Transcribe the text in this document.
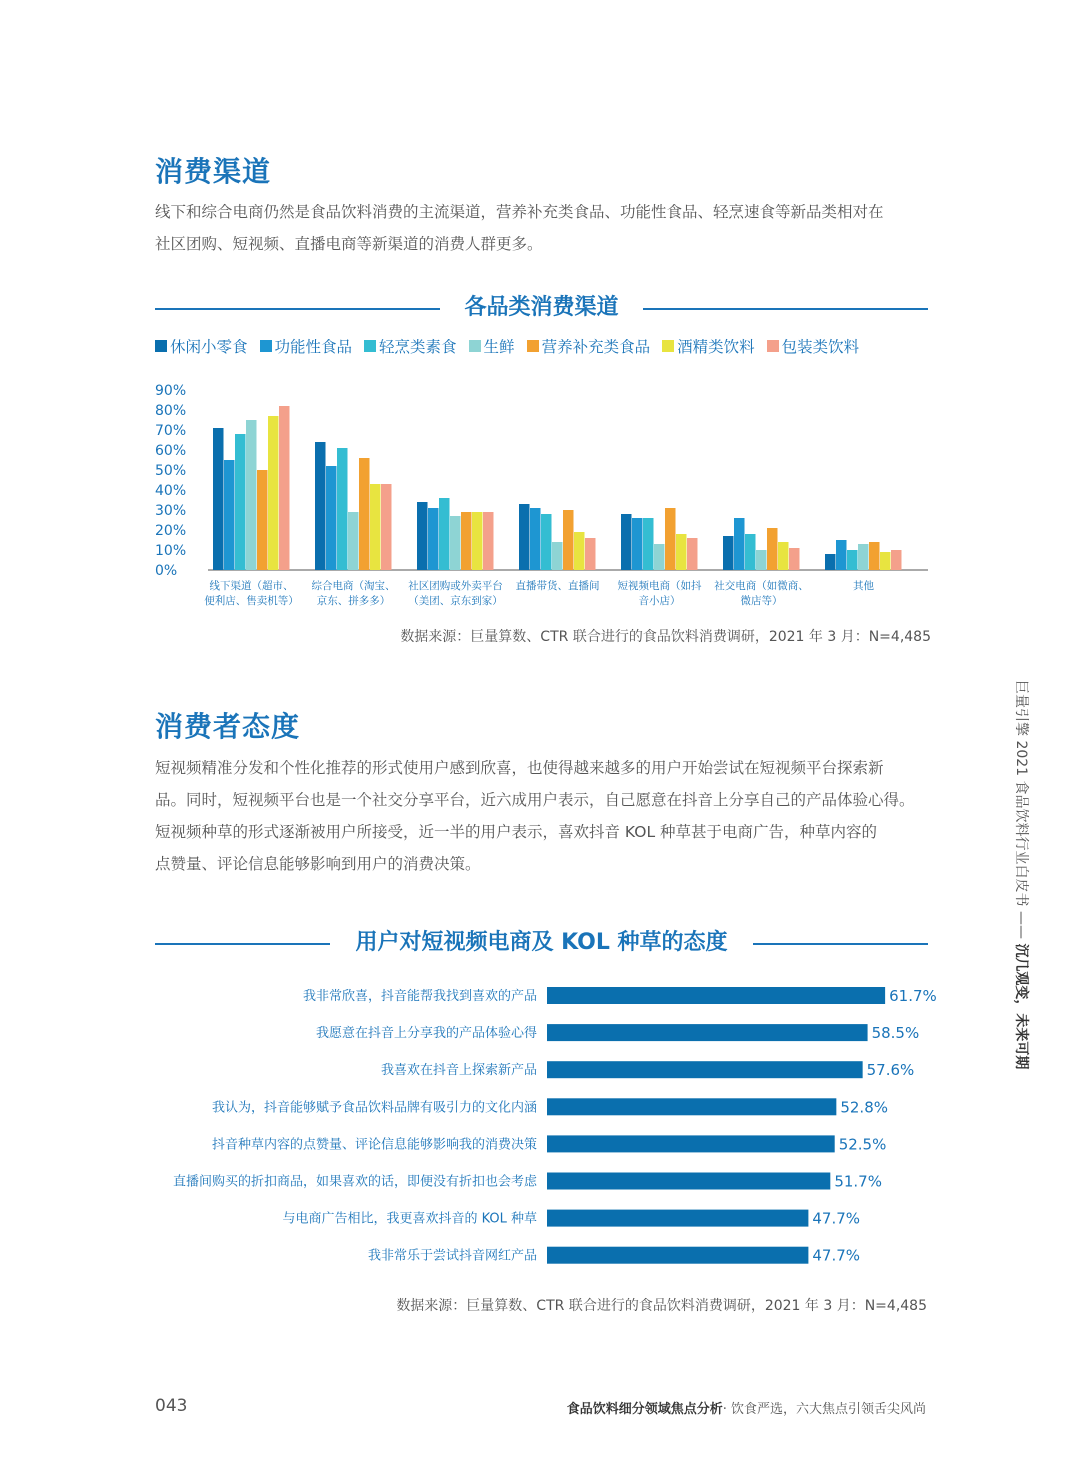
消费渠道
线下和综合电商仍然是食品饮料消费的主流渠道，营养补充类食品、功能性食品、轻烹速食等新品类相对在
社区团购、短视频、直播电商等新渠道的消费人群更多。
各品类消费渠道
休闲小零食 功能性食品 轻烹类素食 生鲜 营养补充类食品 酒精类饮料 包装类饮料
90%
80%
70%
60%
50%
40%
30%
20%
10%
0%
线下渠道（超市、
便利店、售卖机等）
综合电商（淘宝、
京东、拼多多）
社区团购或外卖平台
（美团、京东到家）
直播带货、直播间 短视频电商（如抖
音小店）
社交电商（如微商、
微店等）
其他
数据来源：巨量算数、CTR 联合进行的食品饮料消费调研，2021 年 3 月：N=4,485
消费者态度
短视频精准分发和个性化推荐的形式使用户感到欣喜，也使得越来越多的用户开始尝试在短视频平台探索新
品。同时，短视频平台也是一个社交分享平台，近六成用户表示，自己愿意在抖音上分享自己的产品体验心得。
短视频种草的形式逐渐被用户所接受，近一半的用户表示，喜欢抖音 KOL 种草甚于电商广告，种草内容的
点赞量、评论信息能够影响到用户的消费决策。
用户对短视频电商及 KOL 种草的态度
我非常欣喜，抖音能帮我找到喜欢的产品	61.7%
我愿意在抖音上分享我的产品体验心得	58.5%
我喜欢在抖音上探索新产品	57.6%
我认为，抖音能够赋予食品饮料品牌有吸引力的文化内涵	52.8%
抖音种草内容的点赞量、评论信息能够影响我的消费决策	52.5%
直播间购买的折扣商品，如果喜欢的话，即便没有折扣也会考虑	51.7%
与电商广告相比，我更喜欢抖音的 KOL 种草	47.7%
我非常乐于尝试抖音网红产品	47.7%
数据来源：巨量算数、CTR 联合进行的食品饮料消费调研，2021 年 3 月：N=4,485
巨量引擎 2021 食品饮料行业白皮书 —— 沉几观变，未来可期
043	食品饮料细分领域焦点分析· 饮食严选，六大焦点引领舌尖风尚
